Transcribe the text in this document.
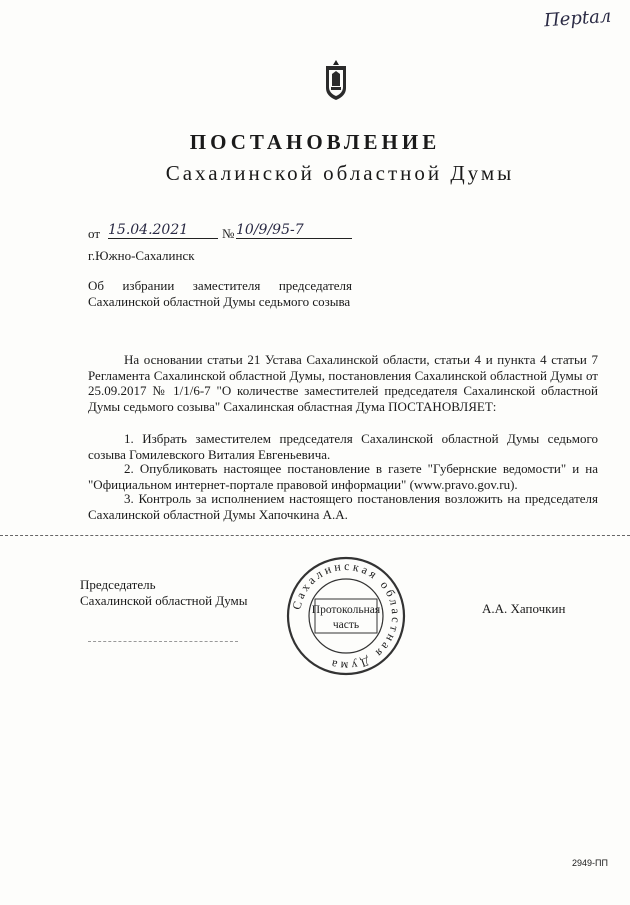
Перtал
ПОСТАНОВЛЕНИЕ
Сахалинской областной Думы
от 15.04.2021	№ 10/9/95-7
г.Южно-Сахалинск
Об избрании заместителя председателя
Сахалинской областной Думы седьмого созыва
На основании статьи 21 Устава Сахалинской области, статьи 4 и пункта 4 статьи 7 Регламента Сахалинской областной Думы, постановления Сахалинской областной Думы от 25.09.2017 № 1/1/6-7 "О количестве заместителей председателя Сахалинской областной Думы седьмого созыва" Сахалинская областная Дума ПОСТАНОВЛЯЕТ:
1. Избрать заместителем председателя Сахалинской областной Думы седьмого созыва Гомилевского Виталия Евгеньевича.
2. Опубликовать настоящее постановление в газете "Губернские ведомости" и на "Официальном интернет-портале правовой информации" (www.pravo.gov.ru).
3. Контроль за исполнением настоящего постановления возложить на председателя Сахалинской областной Думы Хапочкина А.А.
Председатель
Сахалинской областной Думы	Сахалинская областная Дума
Протокольная
часть
А.А. Хапочкин
2949-ПП
